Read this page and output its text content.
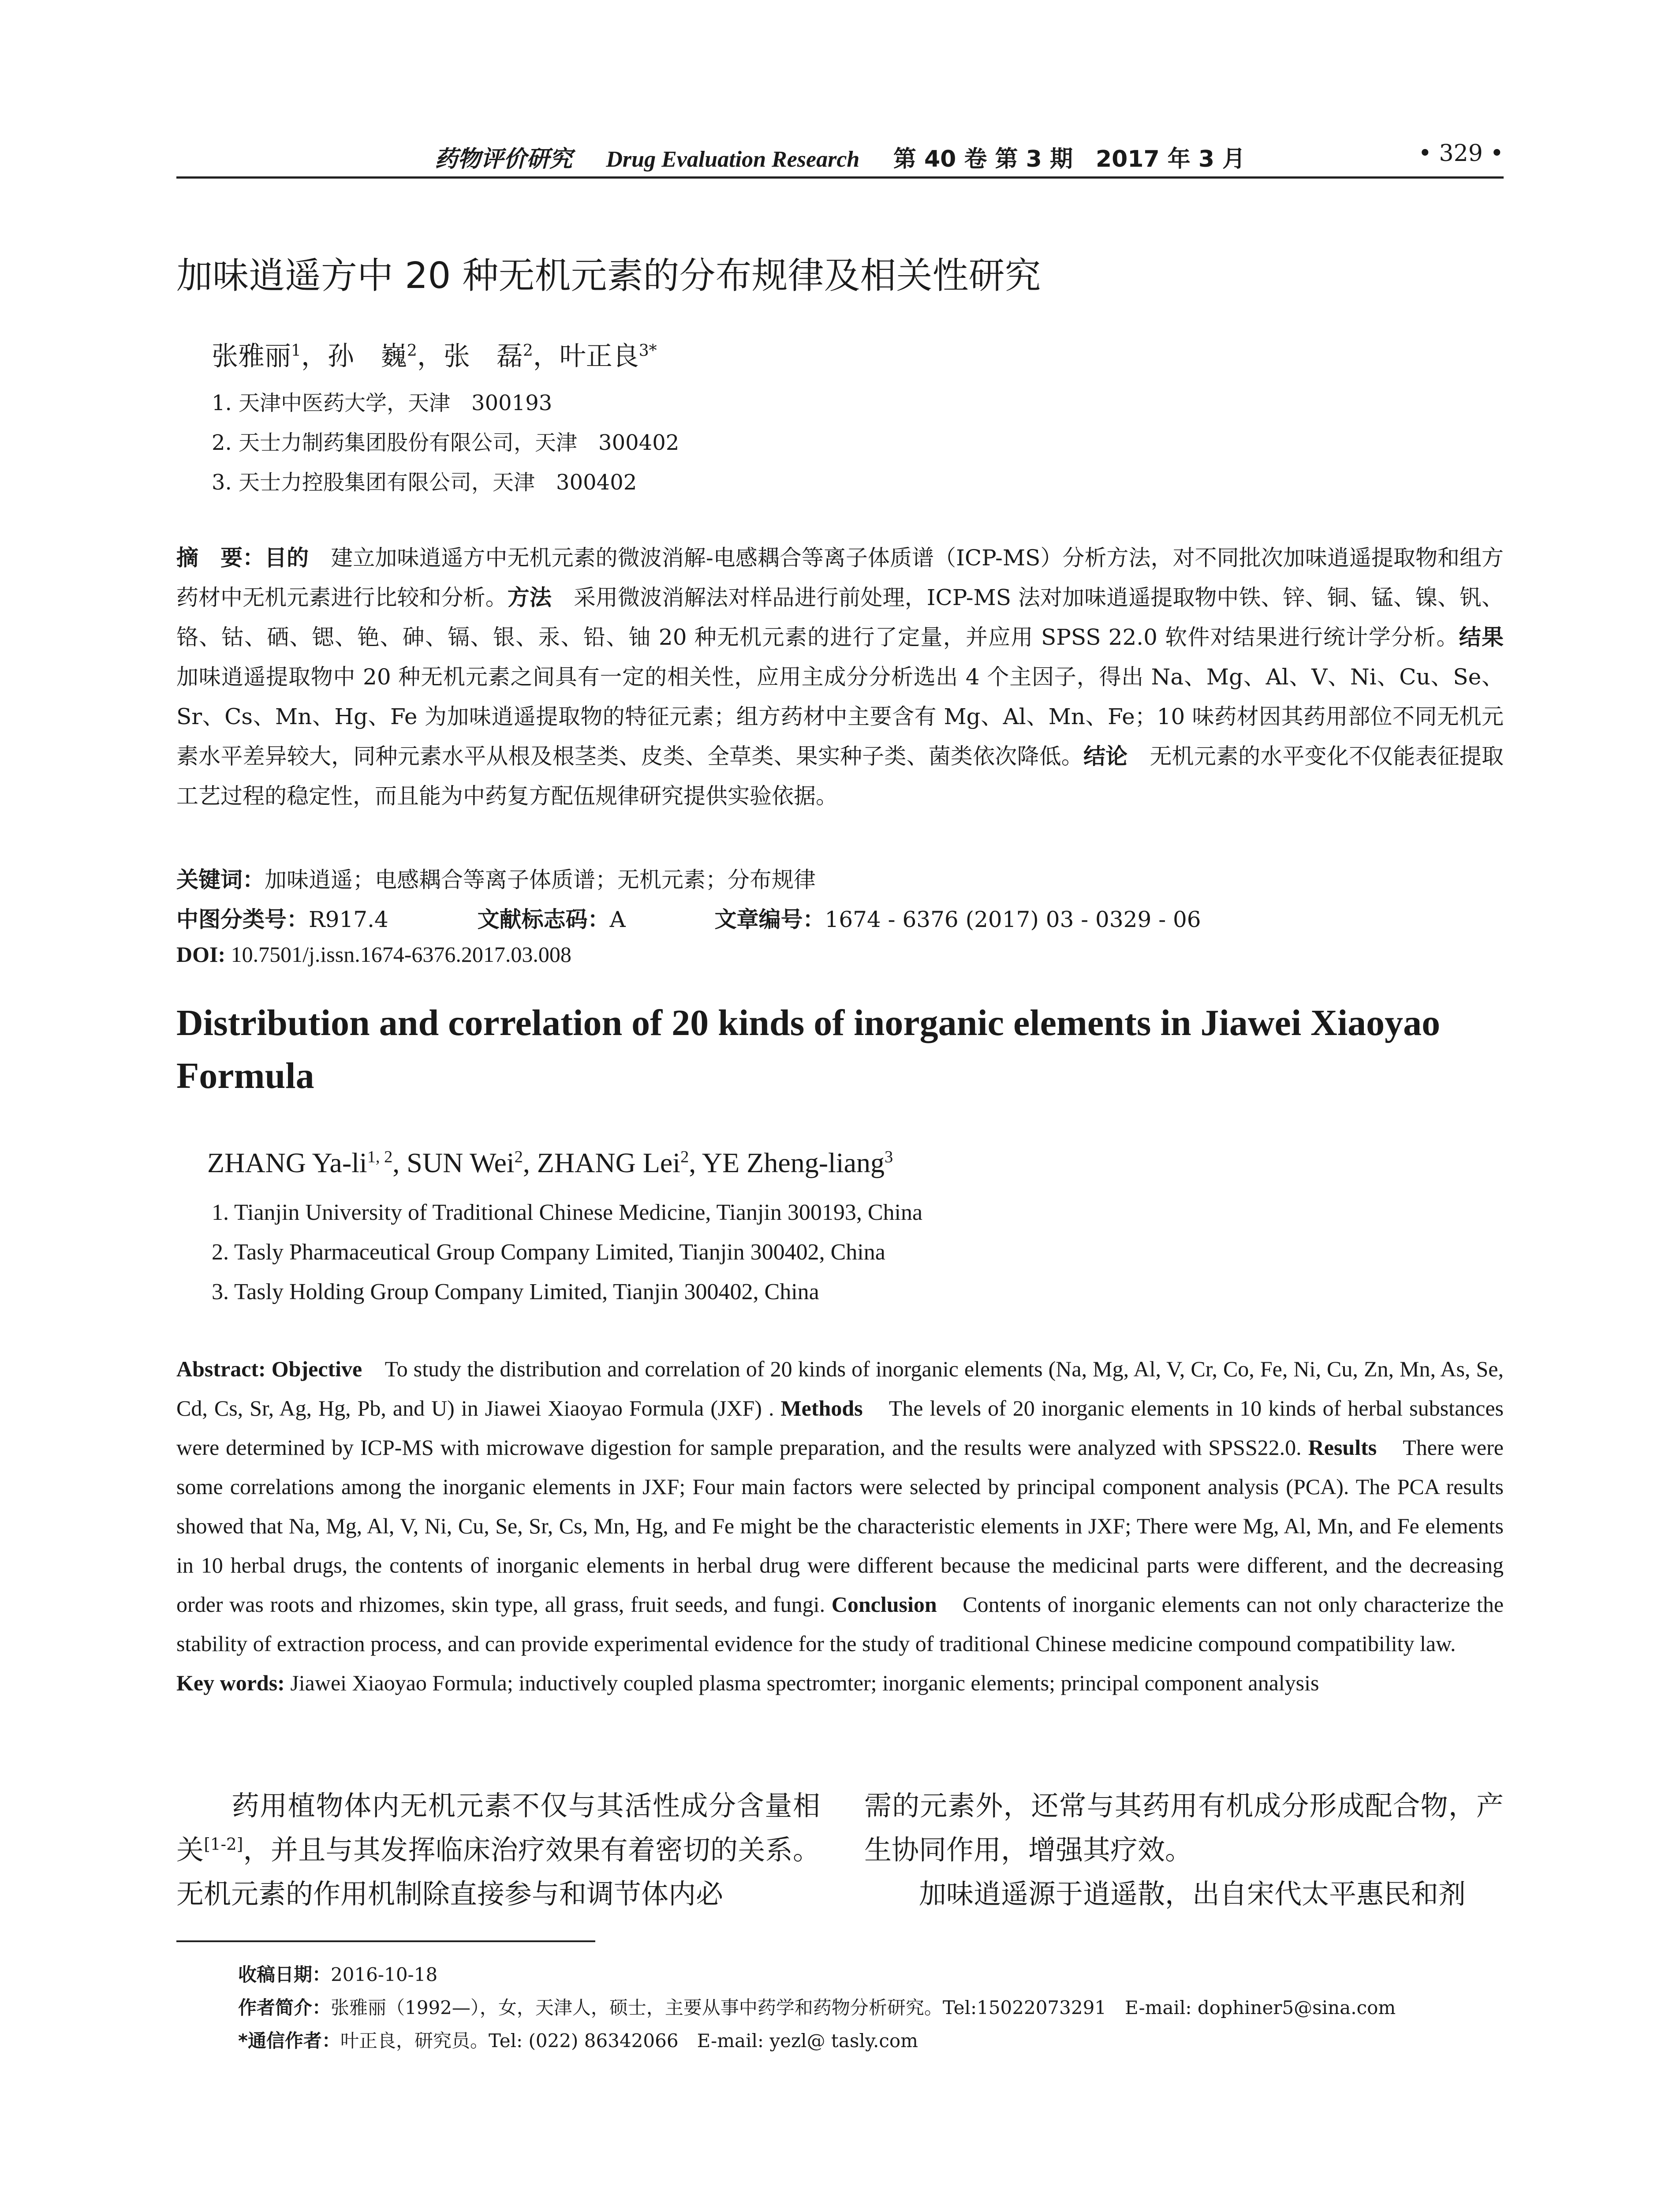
药物评价研究 Drug Evaluation Research 第 40 卷 第 3 期　2017 年 3 月	• 329 •
加味逍遥方中 20 种无机元素的分布规律及相关性研究
张雅丽$^1$，孙　巍$^2$，张　磊$^2$，叶正良$^{3*}$
1. 天津中医药大学，天津　300193
2. 天士力制药集团股份有限公司，天津　300402
3. 天士力控股集团有限公司，天津　300402
摘　要：目的　 建立加味逍遥方中无机元素的微波消解-电感耦合等离子体质谱（ICP-MS）分析方法，对不同批次加味逍遥提取物和组方药材中无机元素进行比较和分析。方法　 采用微波消解法对样品进行前处理，ICP-MS 法对加味逍遥提取物中铁、锌、铜、锰、镍、钒、铬、钴、硒、锶、铯、砷、镉、银、汞、铅、铀 20 种无机元素的进行了定量，并应用 SPSS 22.0 软件对结果进行统计学分析。结果　加味逍遥提取物中 20 种无机元素之间具有一定的相关性，应用主成分分析选出 4 个主因子，得出 Na、Mg、Al、V、Ni、Cu、Se、Sr、Cs、Mn、Hg、Fe 为加味逍遥提取物的特征元素；组方药材中主要含有 Mg、Al、Mn、Fe；10 味药材因其药用部位不同无机元素水平差异较大，同种元素水平从根及根茎类、皮类、全草类、果实种子类、菌类依次降低。结论　 无机元素的水平变化不仅能表征提取工艺过程的稳定性，而且能为中药复方配伍规律研究提供实验依据。
关键词：加味逍遥；电感耦合等离子体质谱；无机元素；分布规律
中图分类号：R917.4	文献标志码：A	文章编号：1674 - 6376 (2017) 03 - 0329 - 06
DOI: 10.7501/j.issn.1674-6376.2017.03.008
Distribution and correlation of 20 kinds of inorganic elements in Jiawei Xiaoyao Formula
ZHANG Ya-li$^{1, 2}$, SUN Wei$^2$, ZHANG Lei$^2$, YE Zheng-liang$^3$
1. Tianjin University of Traditional Chinese Medicine, Tianjin 300193, China
2. Tasly Pharmaceutical Group Company Limited, Tianjin 300402, China
3. Tasly Holding Group Company Limited, Tianjin 300402, China
Abstract: Objective To study the distribution and correlation of 20 kinds of inorganic elements (Na, Mg, Al, V, Cr, Co, Fe, Ni, Cu, Zn, Mn, As, Se, Cd, Cs, Sr, Ag, Hg, Pb, and U) in Jiawei Xiaoyao Formula (JXF) . Methods The levels of 20 inorganic elements in 10 kinds of herbal substances were determined by ICP-MS with microwave digestion for sample preparation, and the results were analyzed with SPSS22.0. Results There were some correlations among the inorganic elements in JXF; Four main factors were selected by principal component analysis (PCA). The PCA results showed that Na, Mg, Al, V, Ni, Cu, Se, Sr, Cs, Mn, Hg, and Fe might be the characteristic elements in JXF; There were Mg, Al, Mn, and Fe elements in 10 herbal drugs, the contents of inorganic elements in herbal drug were different because the medicinal parts were different, and the decreasing order was roots and rhizomes, skin type, all grass, fruit seeds, and fungi. Conclusion Contents of inorganic elements can not only characterize the stability of extraction process, and can provide experimental evidence for the study of traditional Chinese medicine compound compatibility law.
Key words: Jiawei Xiaoyao Formula; inductively coupled plasma spectromter; inorganic elements; principal component analysis
药用植物体内无机元素不仅与其活性成分含量相关[1-2]，并且与其发挥临床治疗效果有着密切的关系。无机元素的作用机制除直接参与和调节体内必
需的元素外，还常与其药用有机成分形成配合物，产生协同作用，增强其疗效。
加味逍遥源于逍遥散，出自宋代太平惠民和剂
收稿日期：2016-10-18
作者简介：张雅丽（1992—），女，天津人，硕士，主要从事中药学和药物分析研究。Tel:15022073291　E-mail: dophiner5@sina.com
*通信作者：叶正良，研究员。Tel: (022) 86342066　E-mail: yezl@ tasly.com
